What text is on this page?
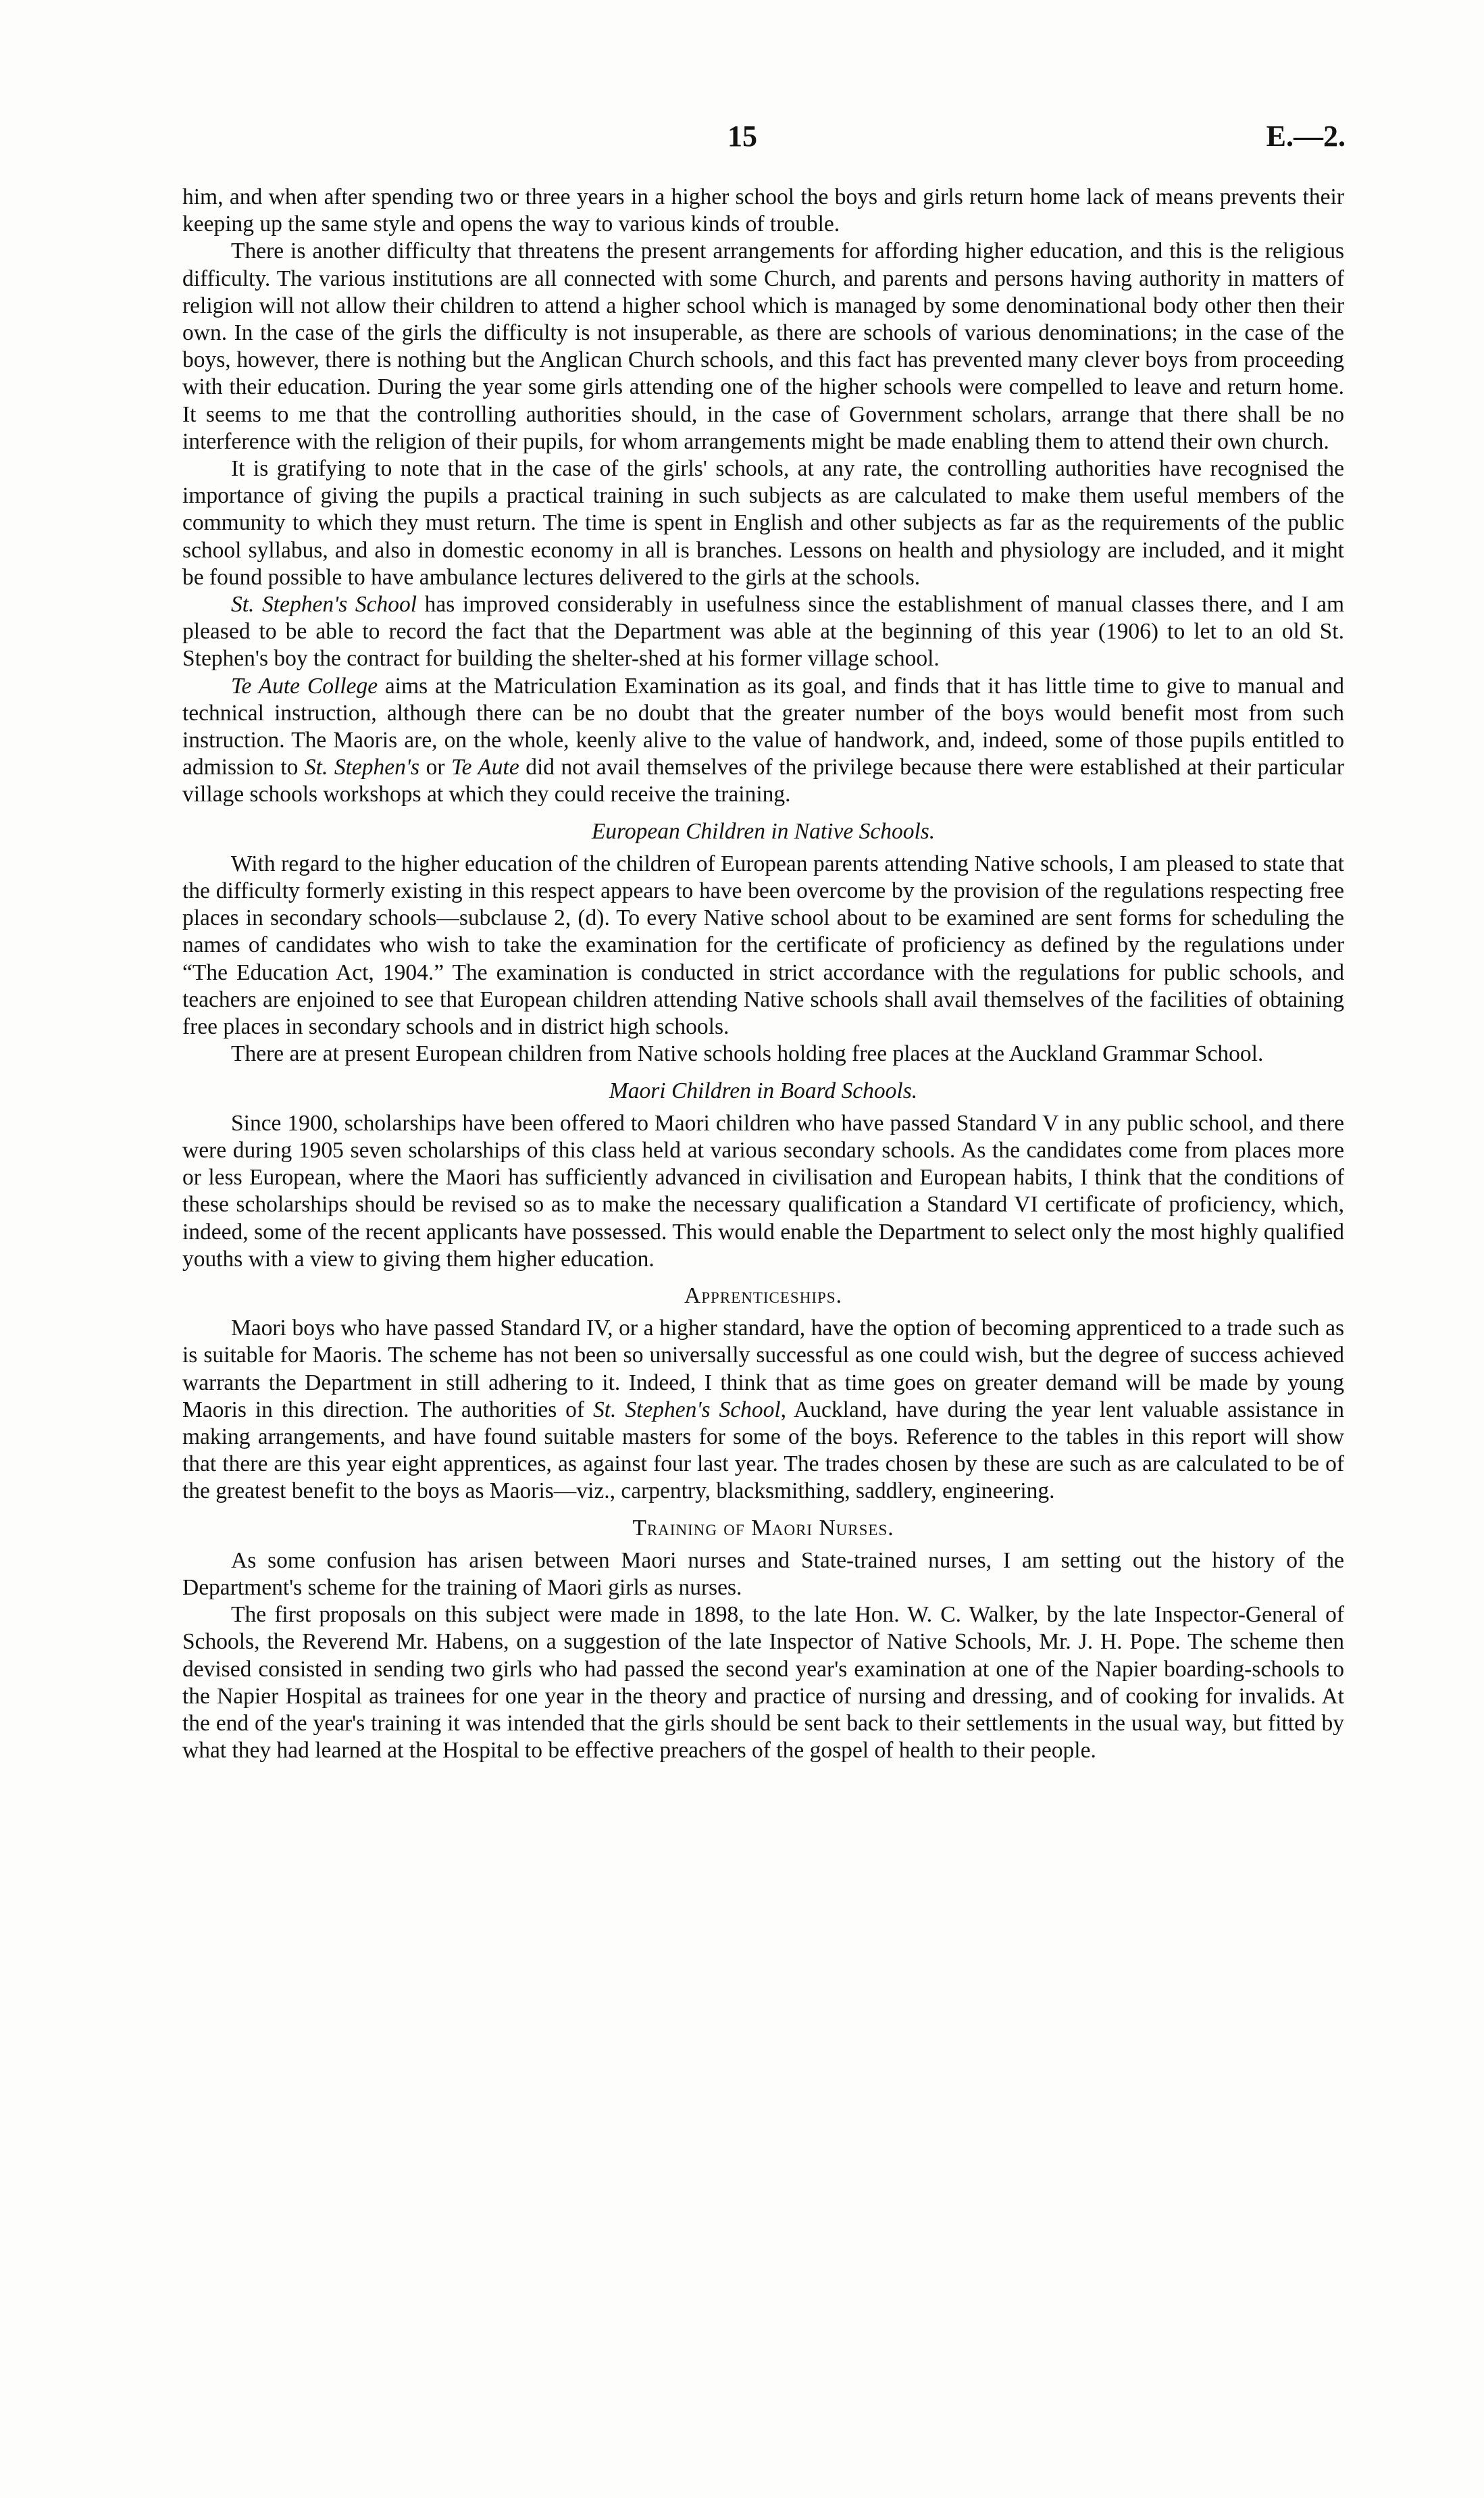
15	E.—2.

him, and when after spending two or three years in a higher school the boys and girls return home lack of means prevents their keeping up the same style and opens the way to various kinds of trouble.

There is another difficulty that threatens the present arrangements for affording higher education, and this is the religious difficulty. The various institutions are all connected with some Church, and parents and persons having authority in matters of religion will not allow their children to attend a higher school which is managed by some denominational body other then their own. In the case of the girls the difficulty is not insuperable, as there are schools of various denominations; in the case of the boys, however, there is nothing but the Anglican Church schools, and this fact has prevented many clever boys from proceeding with their education. During the year some girls attending one of the higher schools were compelled to leave and return home. It seems to me that the controlling authorities should, in the case of Government scholars, arrange that there shall be no interference with the religion of their pupils, for whom arrangements might be made enabling them to attend their own church.

It is gratifying to note that in the case of the girls' schools, at any rate, the controlling authorities have recognised the importance of giving the pupils a practical training in such subjects as are calculated to make them useful members of the community to which they must return. The time is spent in English and other subjects as far as the requirements of the public school syllabus, and also in domestic economy in all is branches. Lessons on health and physiology are included, and it might be found possible to have ambulance lectures delivered to the girls at the schools.

St. Stephen's School has improved considerably in usefulness since the establishment of manual classes there, and I am pleased to be able to record the fact that the Department was able at the beginning of this year (1906) to let to an old St. Stephen's boy the contract for building the shelter-shed at his former village school.

Te Aute College aims at the Matriculation Examination as its goal, and finds that it has little time to give to manual and technical instruction, although there can be no doubt that the greater number of the boys would benefit most from such instruction. The Maoris are, on the whole, keenly alive to the value of handwork, and, indeed, some of those pupils entitled to admission to St. Stephen's or Te Aute did not avail themselves of the privilege because there were established at their particular village schools workshops at which they could receive the training.

European Children in Native Schools.

With regard to the higher education of the children of European parents attending Native schools, I am pleased to state that the difficulty formerly existing in this respect appears to have been overcome by the provision of the regulations respecting free places in secondary schools—subclause 2, (d). To every Native school about to be examined are sent forms for scheduling the names of candidates who wish to take the examination for the certificate of proficiency as defined by the regulations under “The Education Act, 1904.” The examination is conducted in strict accordance with the regulations for public schools, and teachers are enjoined to see that European children attending Native schools shall avail themselves of the facilities of obtaining free places in secondary schools and in district high schools.

There are at present European children from Native schools holding free places at the Auckland Grammar School.

Maori Children in Board Schools.

Since 1900, scholarships have been offered to Maori children who have passed Standard V in any public school, and there were during 1905 seven scholarships of this class held at various secondary schools. As the candidates come from places more or less European, where the Maori has sufficiently advanced in civilisation and European habits, I think that the conditions of these scholarships should be revised so as to make the necessary qualification a Standard VI certificate of proficiency, which, indeed, some of the recent applicants have possessed. This would enable the Department to select only the most highly qualified youths with a view to giving them higher education.

Apprenticeships.

Maori boys who have passed Standard IV, or a higher standard, have the option of becoming apprenticed to a trade such as is suitable for Maoris. The scheme has not been so universally successful as one could wish, but the degree of success achieved warrants the Department in still adhering to it. Indeed, I think that as time goes on greater demand will be made by young Maoris in this direction. The authorities of St. Stephen's School, Auckland, have during the year lent valuable assistance in making arrangements, and have found suitable masters for some of the boys. Reference to the tables in this report will show that there are this year eight apprentices, as against four last year. The trades chosen by these are such as are calculated to be of the greatest benefit to the boys as Maoris—viz., carpentry, blacksmithing, saddlery, engineering.

Training of Maori Nurses.

As some confusion has arisen between Maori nurses and State-trained nurses, I am setting out the history of the Department's scheme for the training of Maori girls as nurses.

The first proposals on this subject were made in 1898, to the late Hon. W. C. Walker, by the late Inspector-General of Schools, the Reverend Mr. Habens, on a suggestion of the late Inspector of Native Schools, Mr. J. H. Pope. The scheme then devised consisted in sending two girls who had passed the second year's examination at one of the Napier boarding-schools to the Napier Hospital as trainees for one year in the theory and practice of nursing and dressing, and of cooking for invalids. At the end of the year's training it was intended that the girls should be sent back to their settlements in the usual way, but fitted by what they had learned at the Hospital to be effective preachers of the gospel of health to their people.
